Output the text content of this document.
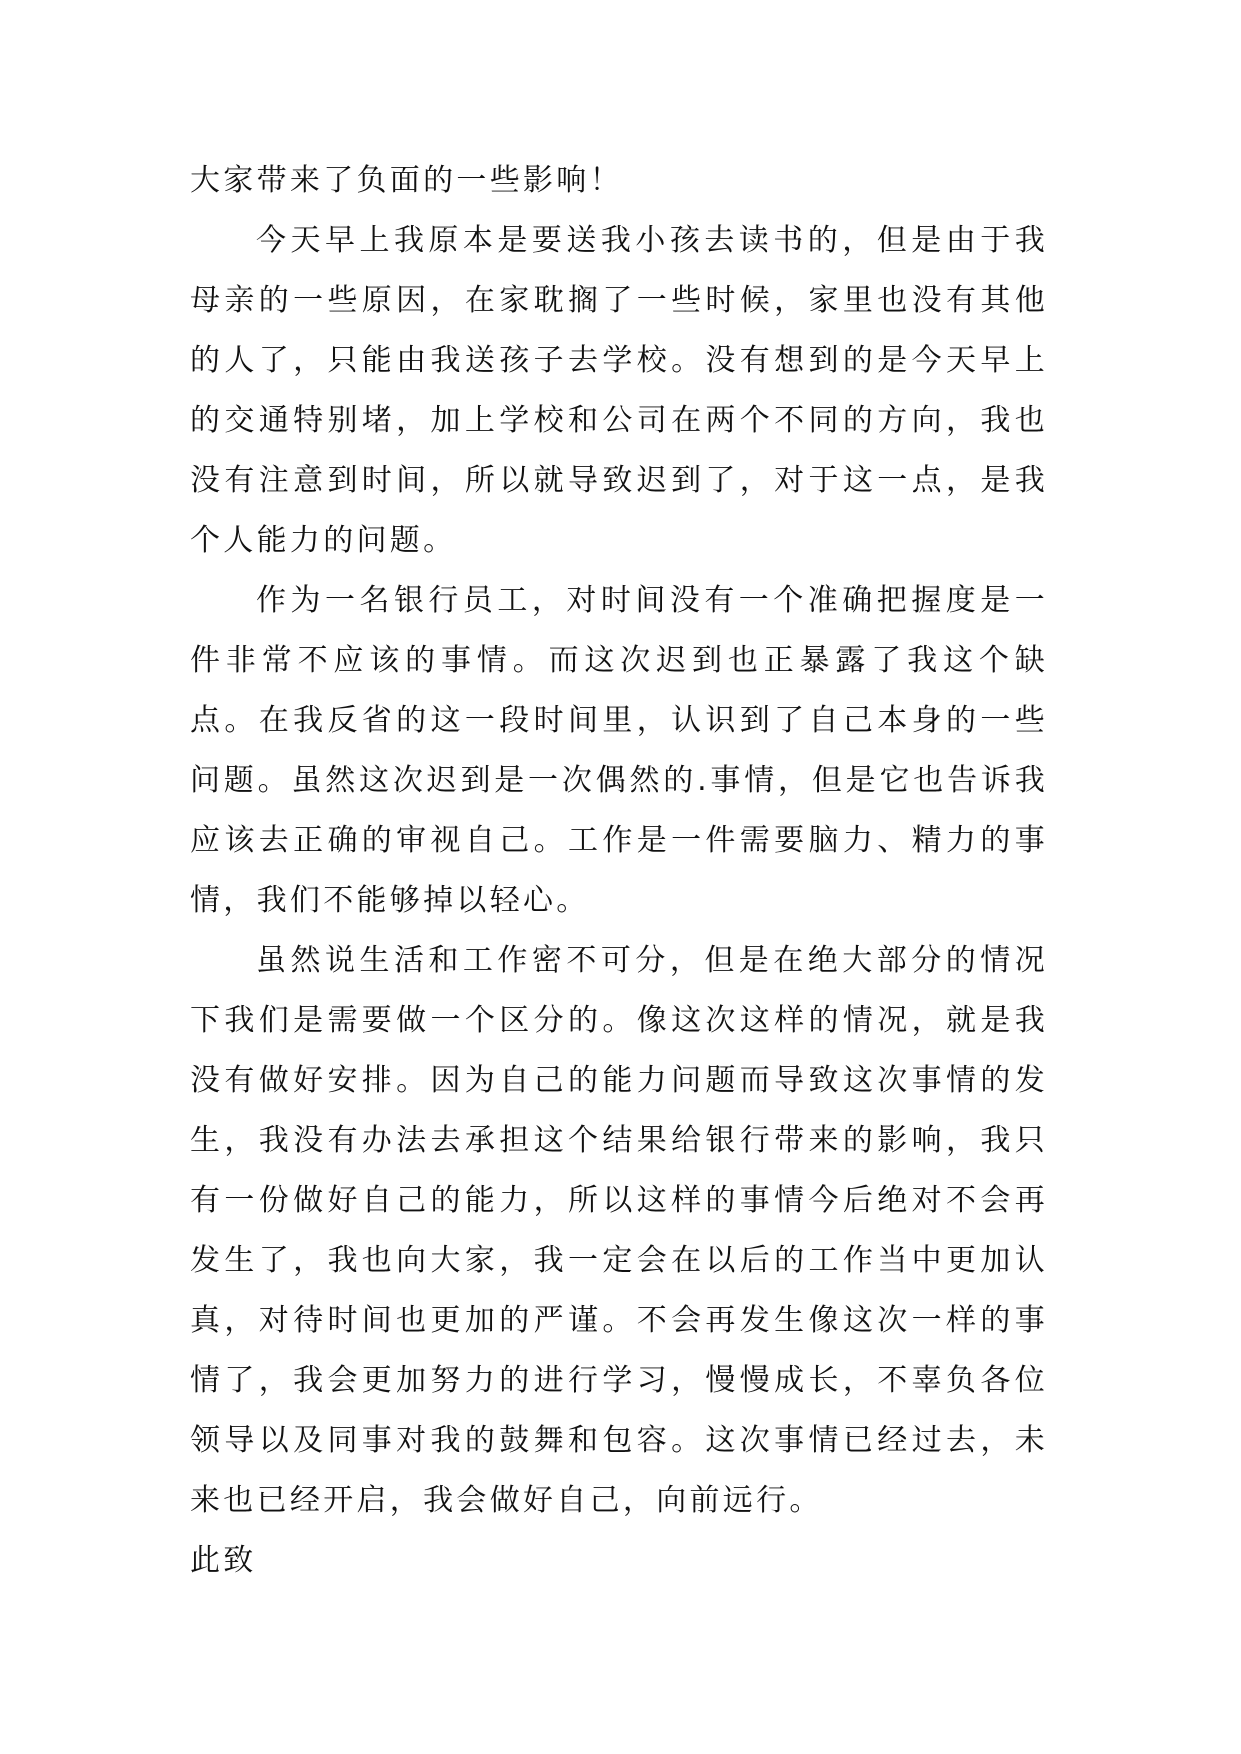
大家带来了负面的一些影响！

今天早上我原本是要送我小孩去读书的，但是由于我母亲的一些原因，在家耽搁了一些时候，家里也没有其他的人了，只能由我送孩子去学校。没有想到的是今天早上的交通特别堵，加上学校和公司在两个不同的方向，我也没有注意到时间，所以就导致迟到了，对于这一点，是我个人能力的问题。

作为一名银行员工，对时间没有一个准确把握度是一件非常不应该的事情。而这次迟到也正暴露了我这个缺点。在我反省的这一段时间里，认识到了自己本身的一些问题。虽然这次迟到是一次偶然的.事情，但是它也告诉我应该去正确的审视自己。工作是一件需要脑力、精力的事情，我们不能够掉以轻心。

虽然说生活和工作密不可分，但是在绝大部分的情况下我们是需要做一个区分的。像这次这样的情况，就是我没有做好安排。因为自己的能力问题而导致这次事情的发生，我没有办法去承担这个结果给银行带来的影响，我只有一份做好自己的能力，所以这样的事情今后绝对不会再发生了，我也向大家，我一定会在以后的工作当中更加认真，对待时间也更加的严谨。不会再发生像这次一样的事情了，我会更加努力的进行学习，慢慢成长，不辜负各位领导以及同事对我的鼓舞和包容。这次事情已经过去，未来也已经开启，我会做好自己，向前远行。

此致
